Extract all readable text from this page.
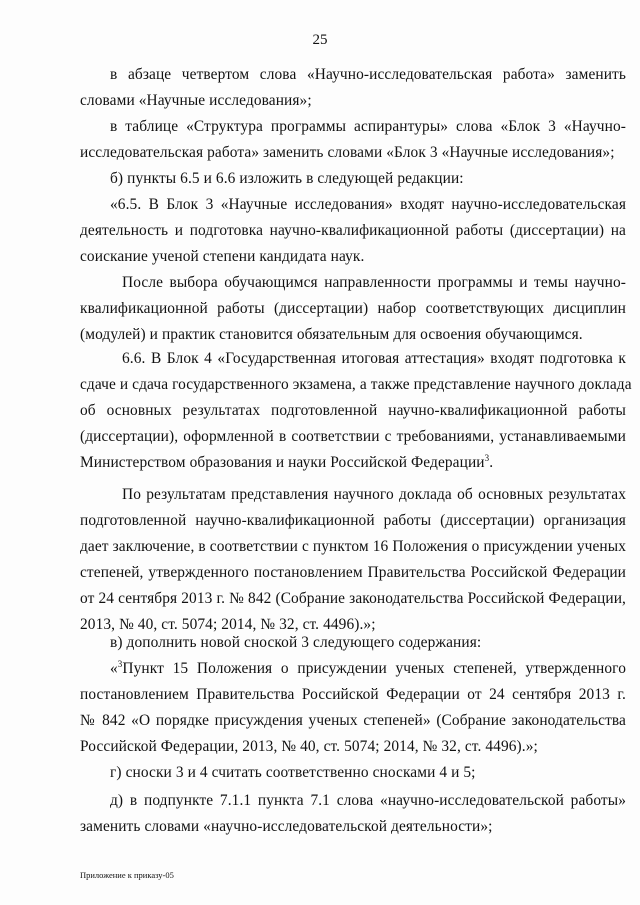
25
в абзаце четвертом слова «Научно-исследовательская работа» заменить
словами «Научные исследования»;
в таблице «Структура программы аспирантуры» слова «Блок 3 «Научно-
исследовательская работа» заменить словами «Блок 3 «Научные исследования»;
б) пункты 6.5 и 6.6 изложить в следующей редакции:
«6.5. В Блок 3 «Научные исследования» входят научно-исследовательская
деятельность и подготовка научно-квалификационной работы (диссертации) на
соискание ученой степени кандидата наук.
После выбора обучающимся направленности программы и темы научно-
квалификационной работы (диссертации) набор соответствующих дисциплин
(модулей) и практик становится обязательным для освоения обучающимся.
6.6. В Блок 4 «Государственная итоговая аттестация» входят подготовка к
сдаче и сдача государственного экзамена, а также представление научного доклада
об основных результатах подготовленной научно-квалификационной работы
(диссертации), оформленной в соответствии с требованиями, устанавливаемыми
Министерством образования и науки Российской Федерации$^3$.
По результатам представления научного доклада об основных результатах
подготовленной научно-квалификационной работы (диссертации) организация
дает заключение, в соответствии с пунктом 16 Положения о присуждении ученых
степеней, утвержденного постановлением Правительства Российской Федерации
от 24 сентября 2013 г. № 842 (Собрание законодательства Российской Федерации,
2013, № 40, ст. 5074; 2014, № 32, ст. 4496).»;
в) дополнить новой сноской 3 следующего содержания:
«$^3$Пункт 15 Положения о присуждении ученых степеней, утвержденного
постановлением Правительства Российской Федерации от 24 сентября 2013 г.
№ 842 «О порядке присуждения ученых степеней» (Собрание законодательства
Российской Федерации, 2013, № 40, ст. 5074; 2014, № 32, ст. 4496).»;
г) сноски 3 и 4 считать соответственно сносками 4 и 5;
д) в подпункте 7.1.1 пункта 7.1 слова «научно-исследовательской работы»
заменить словами «научно-исследовательской деятельности»;
Приложение к приказу-05
